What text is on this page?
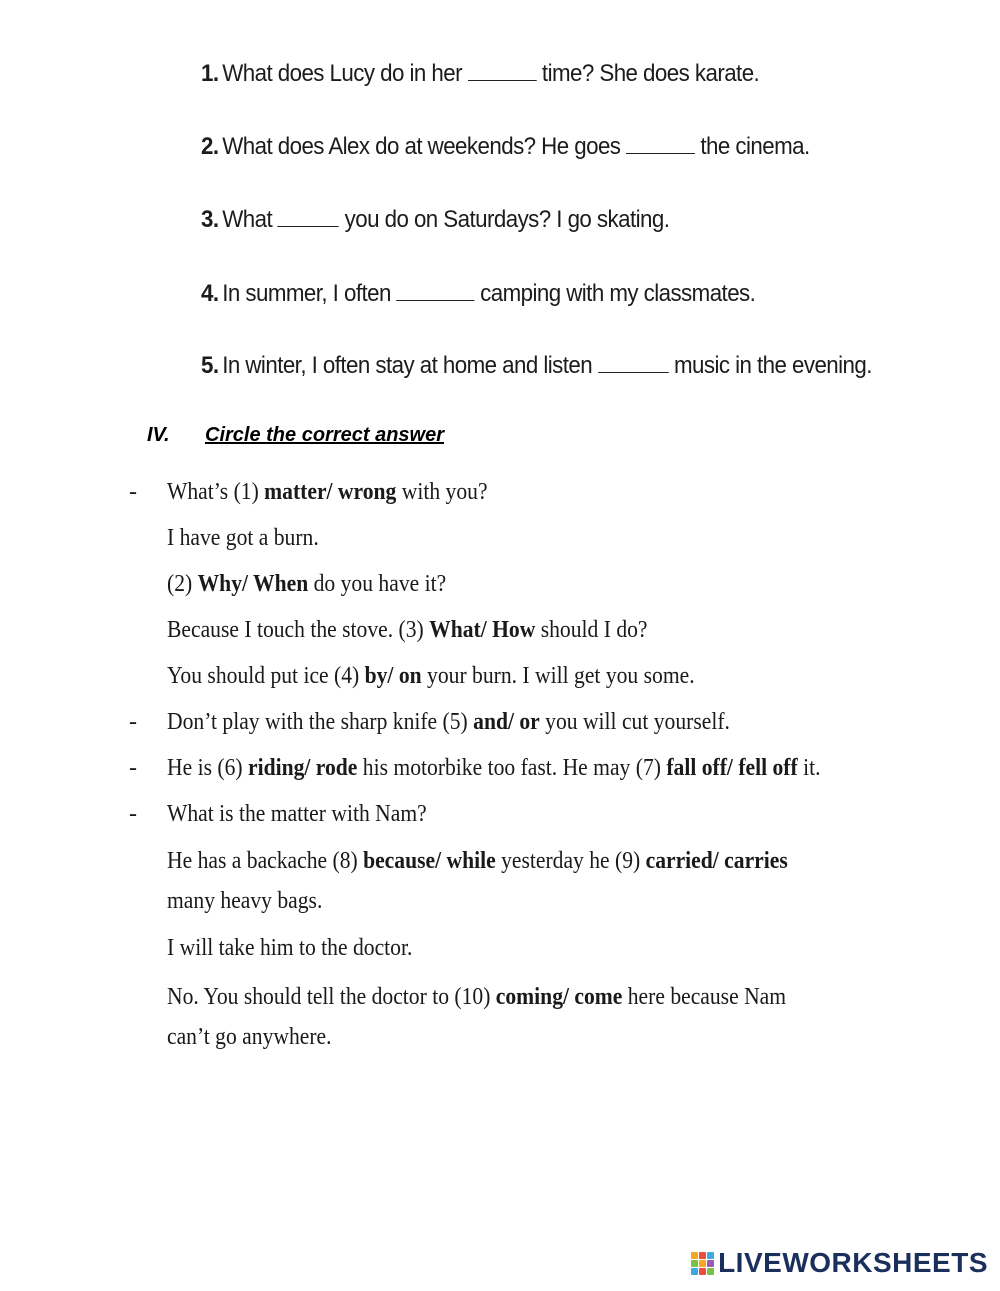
1. What does Lucy do in her	time? She does karate.
2. What does Alex do at weekends? He goes	the cinema.
3. What	you do on Saturdays? I go skating.
4. In summer, I often	camping with my classmates.
5. In winter, I often stay at home and listen	music in the evening.
IV. Circle the correct answer
-
-
-
-
What’s (1) matter/ wrong with you?
I have got a burn.
(2) Why/ When do you have it?
Because I touch the stove. (3) What/ How should I do?
You should put ice (4) by/ on your burn. I will get you some.
Don’t play with the sharp knife (5) and/ or you will cut yourself.
He is (6) riding/ rode his motorbike too fast. He may (7) fall off/ fell off it.
What is the matter with Nam?
He has a backache (8) because/ while yesterday he (9) carried/ carries
many heavy bags.
I will take him to the doctor.
No. You should tell the doctor to (10) coming/ come here because Nam
can’t go anywhere.
LIVEWORKSHEETS
